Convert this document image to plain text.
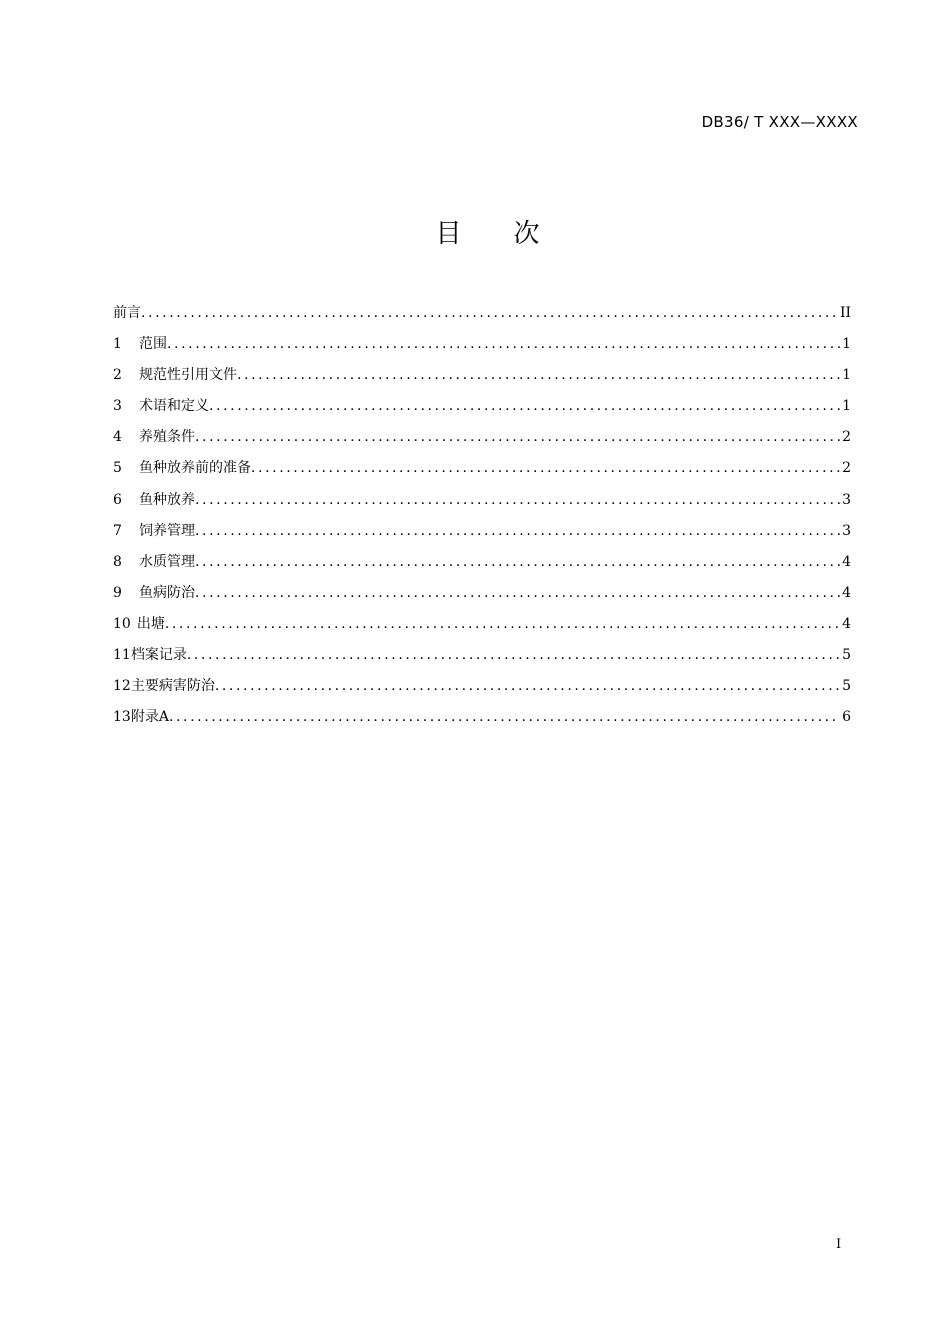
DB36/ T XXX—XXXX
目 次
前言 .....	II
1	范围 .....	1
2	规范性引用文件 .....	1
3	术语和定义 .....	1
4	养殖条件 .....	2
5	鱼种放养前的准备 .....	2
6	鱼种放养 .....	3
7	饲养管理 .....	3
8	水质管理 .....	4
9	鱼病防治 .....	4
10 出塘 .....	4
11 档案记录 .....	5
12 主要病害防治 .....	5
13 附录A .....	6
I
